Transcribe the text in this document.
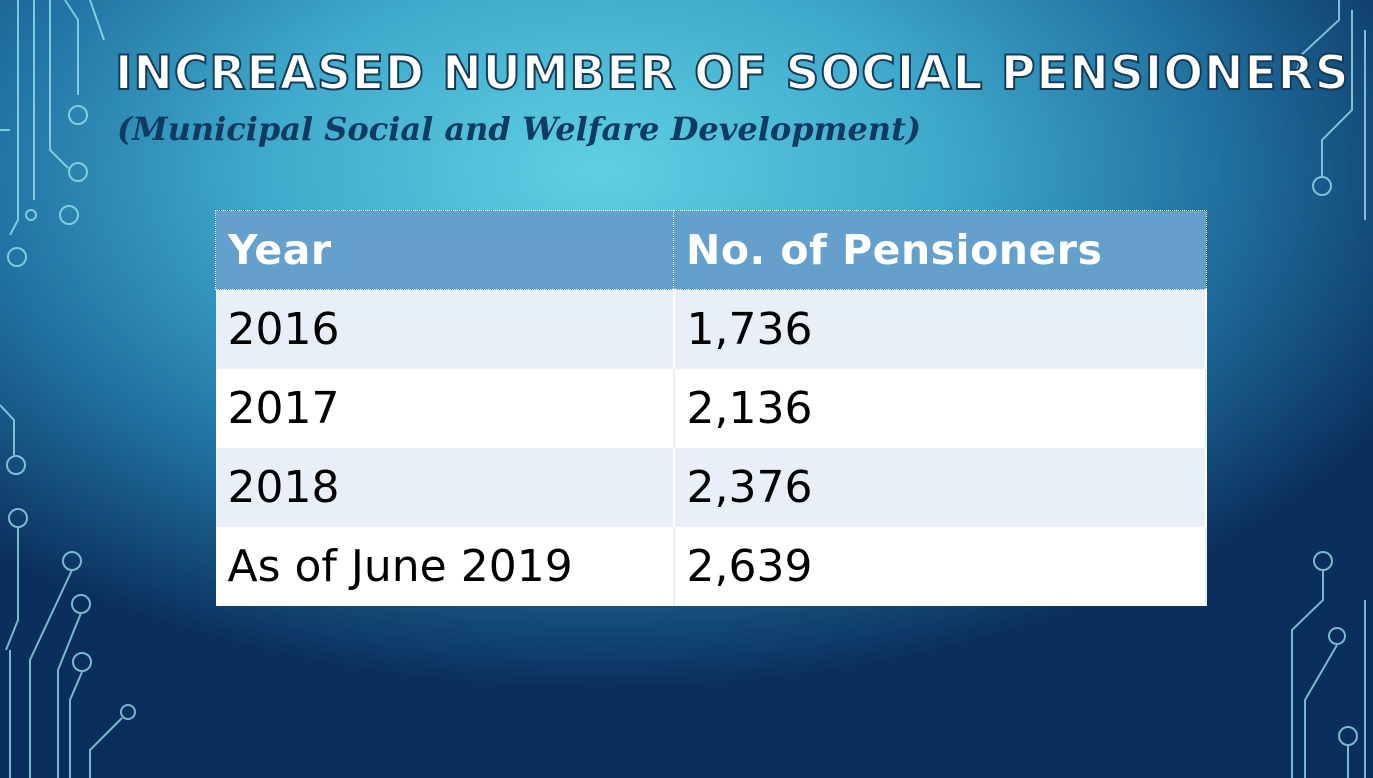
INCREASED NUMBER OF SOCIAL PENSIONERS
(Municipal Social and Welfare Development)
Year	No. of Pensioners
2016	1,736
2017	2,136
2018	2,376
As of June 2019	2,639
